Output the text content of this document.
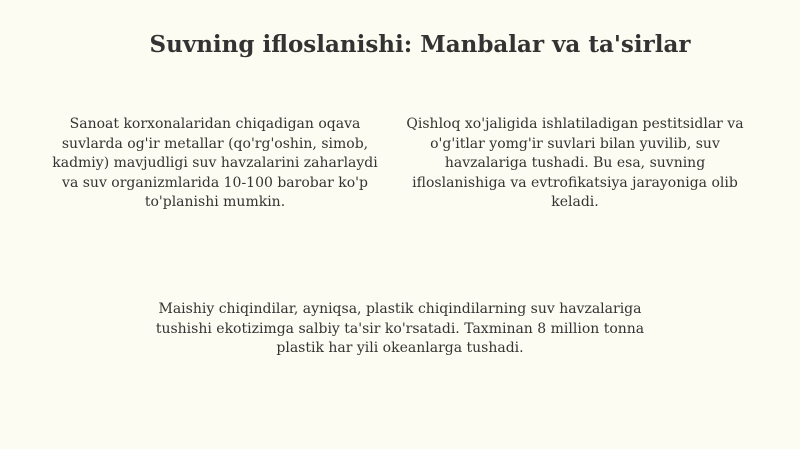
Suvning ifloslanishi: Manbalar va ta'sirlar

Sanoat korxonalaridan chiqadigan oqava suvlarda og'ir metallar (qo'rg'oshin, simob, kadmiy) mavjudligi suv havzalarini zaharlaydi va suv organizmlarida 10-100 barobar ko'p to'planishi mumkin.

Qishloq xo'jaligida ishlatiladigan pestitsidlar va o'g'itlar yomg'ir suvlari bilan yuvilib, suv havzalariga tushadi. Bu esa, suvning ifloslanishiga va evtrofikatsiya jarayoniga olib keladi.

Maishiy chiqindilar, ayniqsa, plastik chiqindilarning suv havzalariga tushishi ekotizimga salbiy ta'sir ko'rsatadi. Taxminan 8 million tonna plastik har yili okeanlarga tushadi.
